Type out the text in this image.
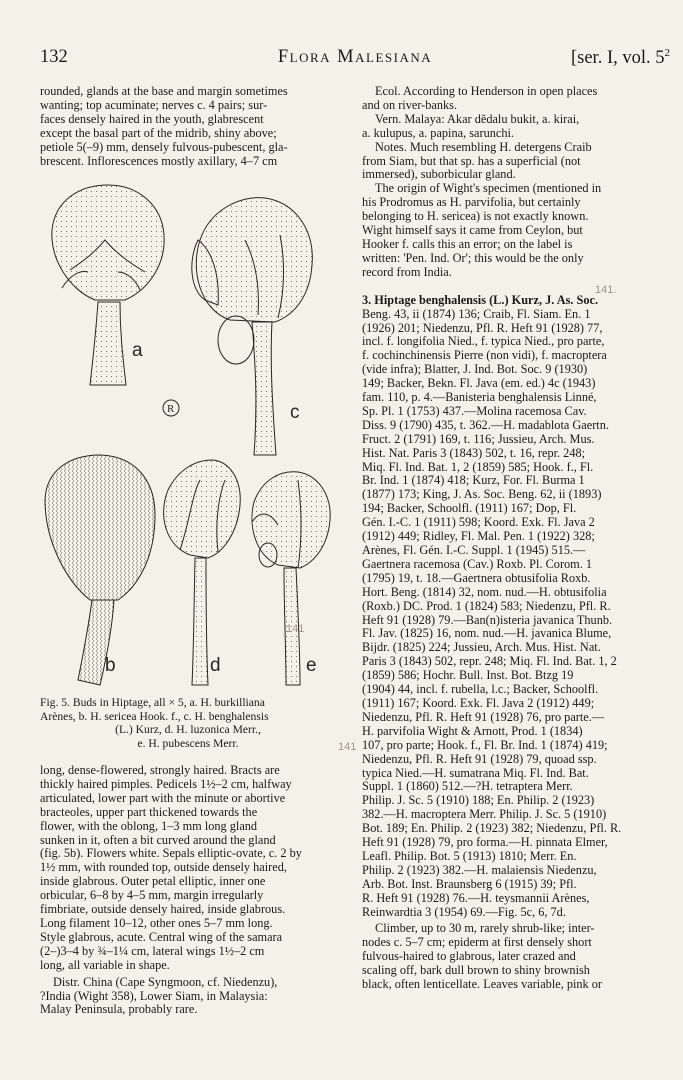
132	Flora Malesiana	[ser. I, vol. $5^2$
rounded, glands at the base and margin sometimes
wanting; top acuminate; nerves c. 4 pairs; sur-
faces densely haired in the youth, glabrescent
except the basal part of the midrib, shiny above;
petiole 5(–9) mm, densely fulvous-pubescent, gla-
brescent. Inflorescences mostly axillary, 4–7 cm
R
a
c
b	d	e
141
141
141.
Fig. 5. Buds in Hiptage, all × 5, a. H. burkilliana
Arènes, b. H. sericea Hook. f., c. H. benghalensis
(L.) Kurz, d. H. luzonica Merr.,
e. H. pubescens Merr.
long, dense-flowered, strongly haired. Bracts are
thickly haired pimples. Pedicels 1½–2 cm, halfway
articulated, lower part with the minute or abortive
bracteoles, upper part thickened towards the
flower, with the oblong, 1–3 mm long gland
sunken in it, often a bit curved around the gland
(fig. 5b). Flowers white. Sepals elliptic-ovate, c. 2 by
1½ mm, with rounded top, outside densely haired,
inside glabrous. Outer petal elliptic, inner one
orbicular, 6–8 by 4–5 mm, margin irregularly
fimbriate, outside densely haired, inside glabrous.
Long filament 10–12, other ones 5–7 mm long.
Style glabrous, acute. Central wing of the samara
(2–)3–4 by ¾–1¼ cm, lateral wings 1½–2 cm
long, all variable in shape.
Distr. China (Cape Syngmoon, cf. Niedenzu),
?India (Wight 358), Lower Siam, in Malaysia:
Malay Peninsula, probably rare.
Ecol. According to Henderson in open places
and on river-banks.
Vern. Malaya: Akar dĕdalu bukit, a. kirai,
a. kulupus, a. papina, sarunchi.
Notes. Much resembling H. detergens Craib
from Siam, but that sp. has a superficial (not
immersed), suborbicular gland.
The origin of Wight's specimen (mentioned in
his Prodromus as H. parvifolia, but certainly
belonging to H. sericea) is not exactly known.
Wight himself says it came from Ceylon, but
Hooker f. calls this an error; on the label is
written: 'Pen. Ind. Or'; this would be the only
record from India.
3. Hiptage benghalensis (L.) Kurz, J. As. Soc.
Beng. 43, ii (1874) 136; Craib, Fl. Siam. En. 1
(1926) 201; Niedenzu, Pfl. R. Heft 91 (1928) 77,
incl. f. longifolia Nied., f. typica Nied., pro parte,
f. cochinchinensis Pierre (non vidi), f. macroptera
(vide infra); Blatter, J. Ind. Bot. Soc. 9 (1930)
149; Backer, Bekn. Fl. Java (em. ed.) 4c (1943)
fam. 110, p. 4.—Banisteria benghalensis Linné,
Sp. Pl. 1 (1753) 437.—Molina racemosa Cav.
Diss. 9 (1790) 435, t. 362.—H. madablota Gaertn.
Fruct. 2 (1791) 169, t. 116; Jussieu, Arch. Mus.
Hist. Nat. Paris 3 (1843) 502, t. 16, repr. 248;
Miq. Fl. Ind. Bat. 1, 2 (1859) 585; Hook. f., Fl.
Br. Ind. 1 (1874) 418; Kurz, For. Fl. Burma 1
(1877) 173; King, J. As. Soc. Beng. 62, ii (1893)
194; Backer, Schoolfl. (1911) 167; Dop, Fl.
Gén. I.-C. 1 (1911) 598; Koord. Exk. Fl. Java 2
(1912) 449; Ridley, Fl. Mal. Pen. 1 (1922) 328;
Arènes, Fl. Gén. I.-C. Suppl. 1 (1945) 515.—
Gaertnera racemosa (Cav.) Roxb. Pl. Corom. 1
(1795) 19, t. 18.—Gaertnera obtusifolia Roxb.
Hort. Beng. (1814) 32, nom. nud.—H. obtusifolia
(Roxb.) DC. Prod. 1 (1824) 583; Niedenzu, Pfl. R.
Heft 91 (1928) 79.—Ban(n)isteria javanica Thunb.
Fl. Jav. (1825) 16, nom. nud.—H. javanica Blume,
Bijdr. (1825) 224; Jussieu, Arch. Mus. Hist. Nat.
Paris 3 (1843) 502, repr. 248; Miq. Fl. Ind. Bat. 1, 2
(1859) 586; Hochr. Bull. Inst. Bot. Btzg 19
(1904) 44, incl. f. rubella, l.c.; Backer, Schoolfl.
(1911) 167; Koord. Exk. Fl. Java 2 (1912) 449;
Niedenzu, Pfl. R. Heft 91 (1928) 76, pro parte.—
H. parvifolia Wight & Arnott, Prod. 1 (1834)
107, pro parte; Hook. f., Fl. Br. Ind. 1 (1874) 419;
Niedenzu, Pfl. R. Heft 91 (1928) 79, quoad ssp.
typica Nied.—H. sumatrana Miq. Fl. Ind. Bat.
Suppl. 1 (1860) 512.—?H. tetraptera Merr.
Philip. J. Sc. 5 (1910) 188; En. Philip. 2 (1923)
382.—H. macroptera Merr. Philip. J. Sc. 5 (1910)
Bot. 189; En. Philip. 2 (1923) 382; Niedenzu, Pfl. R.
Heft 91 (1928) 79, pro forma.—H. pinnata Elmer,
Leafl. Philip. Bot. 5 (1913) 1810; Merr. En.
Philip. 2 (1923) 382.—H. malaiensis Niedenzu,
Arb. Bot. Inst. Braunsberg 6 (1915) 39; Pfl.
R. Heft 91 (1928) 76.—H. teysmannii Arènes,
Reinwardtia 3 (1954) 69.—Fig. 5c, 6, 7d.
Climber, up to 30 m, rarely shrub-like; inter-
nodes c. 5–7 cm; epiderm at first densely short
fulvous-haired to glabrous, later crazed and
scaling off, bark dull brown to shiny brownish
black, often lenticellate. Leaves variable, pink or
